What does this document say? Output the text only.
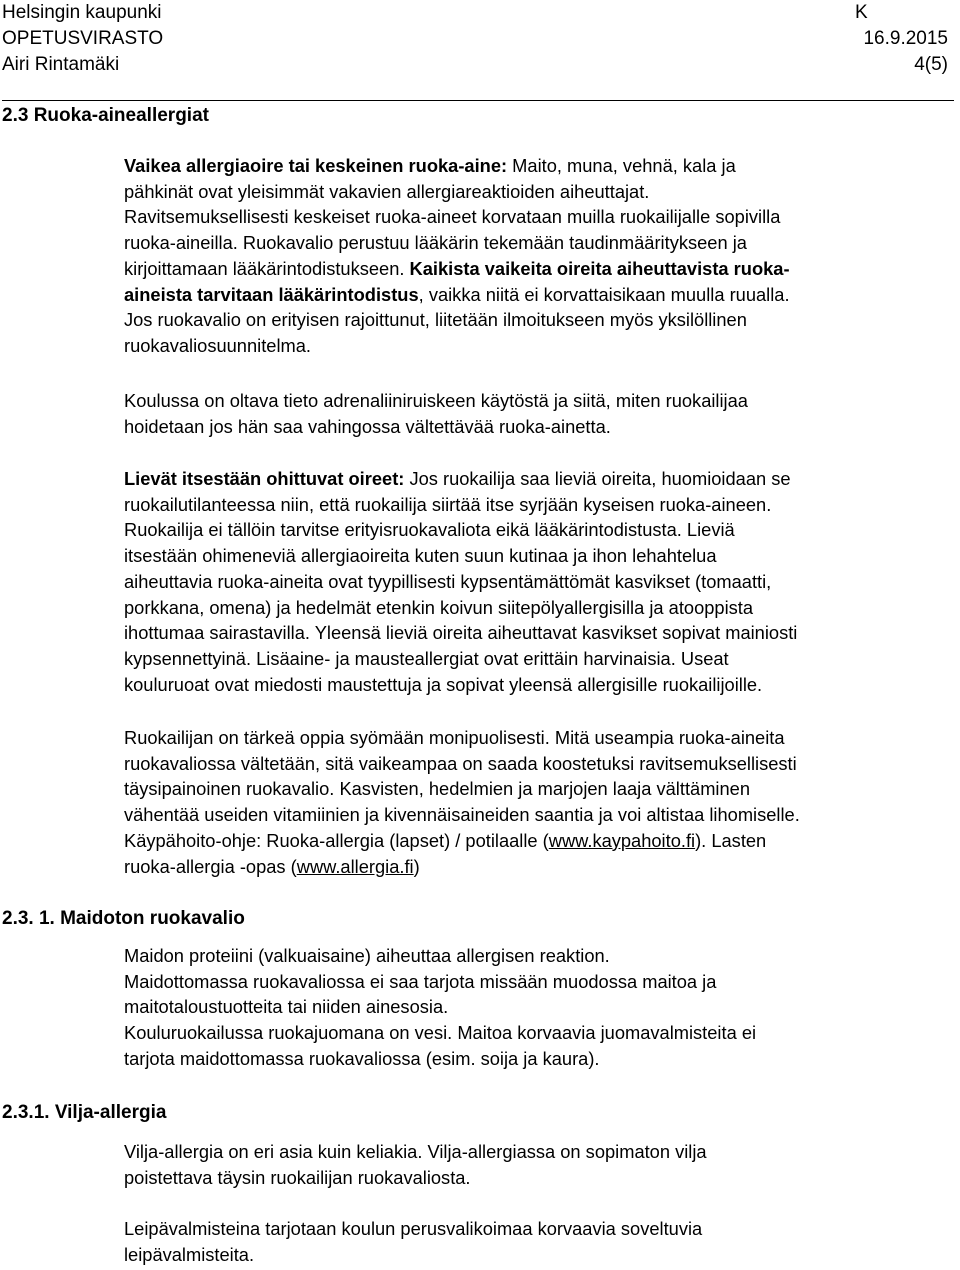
Helsingin kaupunki	K
OPETUSVIRASTO	16.9.2015
Airi Rintamäki	4(5)
2.3 Ruoka-aineallergiat
Vaikea allergiaoire tai keskeinen ruoka-aine: Maito, muna, vehnä, kala ja
pähkinät ovat yleisimmät vakavien allergiareaktioiden aiheuttajat.
Ravitsemuksellisesti keskeiset ruoka-aineet korvataan muilla ruokailijalle sopivilla
ruoka-aineilla. Ruokavalio perustuu lääkärin tekemään taudinmääritykseen ja
kirjoittamaan lääkärintodistukseen. Kaikista vaikeita oireita aiheuttavista ruoka-
aineista tarvitaan lääkärintodistus, vaikka niitä ei korvattaisikaan muulla ruualla.
Jos ruokavalio on erityisen rajoittunut, liitetään ilmoitukseen myös yksilöllinen
ruokavaliosuunnitelma.
Koulussa on oltava tieto adrenaliiniruiskeen käytöstä ja siitä, miten ruokailijaa
hoidetaan jos hän saa vahingossa vältettävää ruoka-ainetta.
Lievät itsestään ohittuvat oireet: Jos ruokailija saa lieviä oireita, huomioidaan se
ruokailutilanteessa niin, että ruokailija siirtää itse syrjään kyseisen ruoka-aineen.
Ruokailija ei tällöin tarvitse erityisruokavaliota eikä lääkärintodistusta. Lieviä
itsestään ohimeneviä allergiaoireita kuten suun kutinaa ja ihon lehahtelua
aiheuttavia ruoka-aineita ovat tyypillisesti kypsentämättömät kasvikset (tomaatti,
porkkana, omena) ja hedelmät etenkin koivun siitepölyallergisilla ja atooppista
ihottumaa sairastavilla. Yleensä lieviä oireita aiheuttavat kasvikset sopivat mainiosti
kypsennettyinä. Lisäaine- ja mausteallergiat ovat erittäin harvinaisia. Useat
kouluruoat ovat miedosti maustettuja ja sopivat yleensä allergisille ruokailijoille.
Ruokailijan on tärkeä oppia syömään monipuolisesti. Mitä useampia ruoka-aineita
ruokavaliossa vältetään, sitä vaikeampaa on saada koostetuksi ravitsemuksellisesti
täysipainoinen ruokavalio. Kasvisten, hedelmien ja marjojen laaja välttäminen
vähentää useiden vitamiinien ja kivennäisaineiden saantia ja voi altistaa lihomiselle.
Käypähoito-ohje: Ruoka-allergia (lapset) / potilaalle (www.kaypahoito.fi). Lasten
ruoka-allergia -opas (www.allergia.fi)
2.3. 1. Maidoton ruokavalio
Maidon proteiini (valkuaisaine) aiheuttaa allergisen reaktion.
Maidottomassa ruokavaliossa ei saa tarjota missään muodossa maitoa ja
maitotaloustuotteita tai niiden ainesosia.
Kouluruokailussa ruokajuomana on vesi. Maitoa korvaavia juomavalmisteita ei
tarjota maidottomassa ruokavaliossa (esim. soija ja kaura).
2.3.1. Vilja-allergia
Vilja-allergia on eri asia kuin keliakia. Vilja-allergiassa on sopimaton vilja
poistettava täysin ruokailijan ruokavaliosta.
Leipävalmisteina tarjotaan koulun perusvalikoimaa korvaavia soveltuvia
leipävalmisteita.
